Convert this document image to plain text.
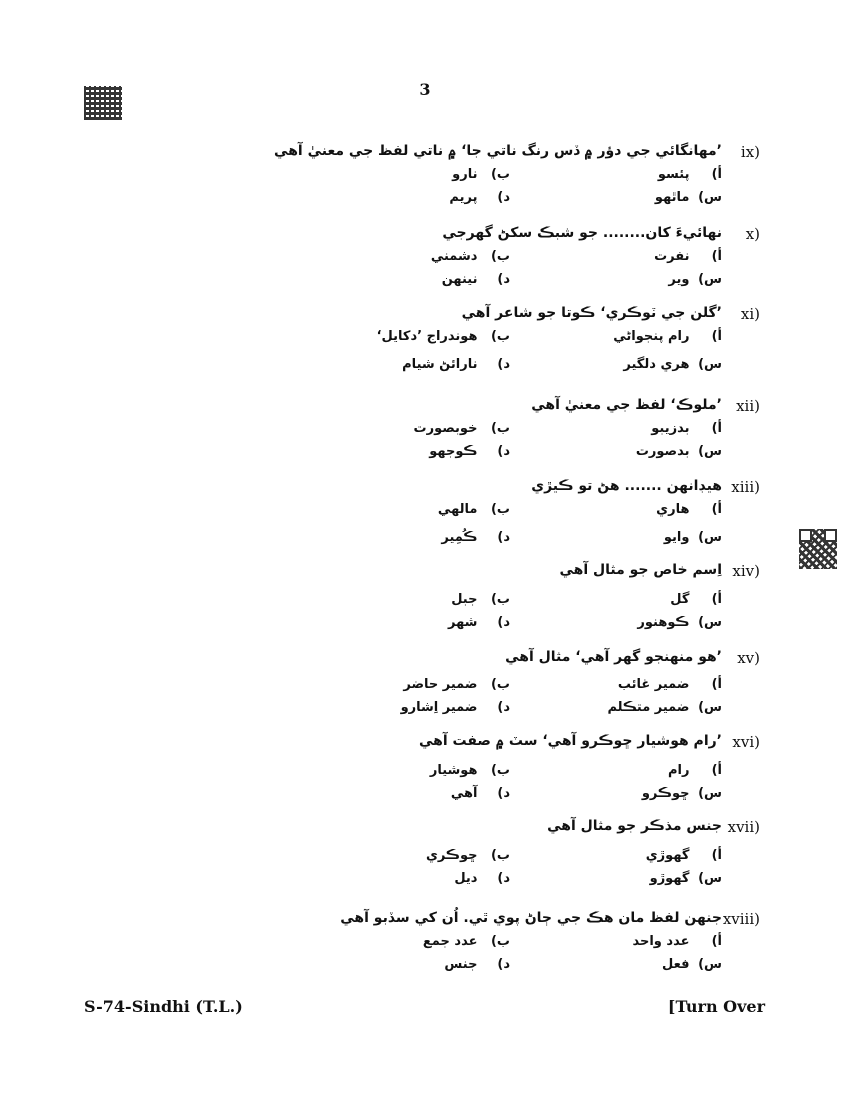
3
ix)
’مهانگائي جي دؤر ۾ ڏس رنگ ناتي جا‘ ۾ ناتي لفظ جي معنيٰ آهي
أ) پئسو
ب) نارو
س) ماٿهو
د) پريم
x)
نهائيءَ کان........ جو شبڪ سکڻ گهرجي
أ) نفرت
ب) دشمني
س) وير
د) نينهن
xi)
’گلن جي ٽوڪري‘ ڪوتا جو شاعر آهي
أ) رام پنجواڻي
ب) هوندراج ’دکايل‘
س) هري دلگير
د) نارائڻ شيام
xii)
’ملوڪ‘ لفظ جي معنيٰ آهي
أ) بدزيبو
ب) خوبصورت
س) بدصورت
د) ڪوجهو
xiii)
هيڊانهن ....... هڻ تو ڪيڙي
أ) هاري
ب) مالهي
س) وايو
د) ڪُمِير
xiv)
اِسم خاص جو مثال آهي
أ) گل
ب) جبل
س) ڪوهنور
د) شهر
xv)
’هو منهنجو گهر آهي‘ مثال آهي
أ) ضمير غائب
ب) ضمير حاضر
س) ضمير متڪلم
د) ضمير اِشارو
xvi)
’رام هوشيار ڇوڪرو آهي‘ سٽ ۾ صفت آهي
أ) رام
ب) هوشيار
س) ڇوڪرو
د) آهي
xvii)
جنس مذڪر جو مثال آهي
أ) گهوڙي
ب) ڇوڪري
س) گهوڙو
د) ديل
xviii)
جنهن لفظ مان هڪ جي ڄاڻ پوي ٿي. اُن کي سڏبو آهي
أ) عدد واحد
ب) عدد جمع
س) فعل
د) جنس
S-74-Sindhi (T.L.)	[Turn Over
